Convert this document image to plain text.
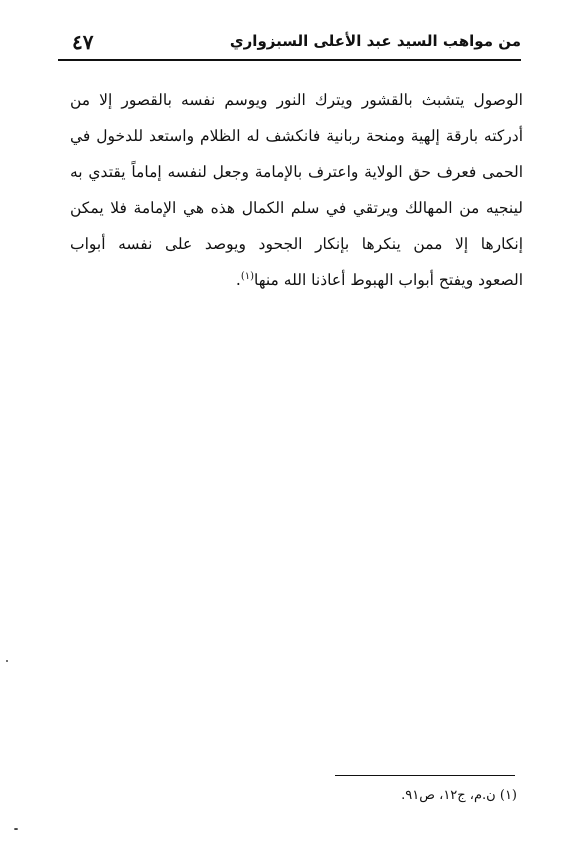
٤٧	من مواهب السيد عبد الأعلى السبزواري
الوصول يتشبث بالقشور ويترك النور ويوسم نفسه بالقصور إلا من
أدركته بارقة إلهية ومنحة ربانية فانكشف له الظلام واستعد للدخول في
الحمى فعرف حق الولاية واعترف بالإمامة وجعل لنفسه إماماً يقتدي به
لينجيه من المهالك ويرتقي في سلم الكمال هذه هي الإمامة فلا يمكن
إنكارها إلا ممن ينكرها بإنكار الجحود ويوصد على نفسه أبواب
الصعود ويفتح أبواب الهبوط أعاذنا الله منها$^{(١)}$.
(١) ن.م، ج١٢، ص٩١.
